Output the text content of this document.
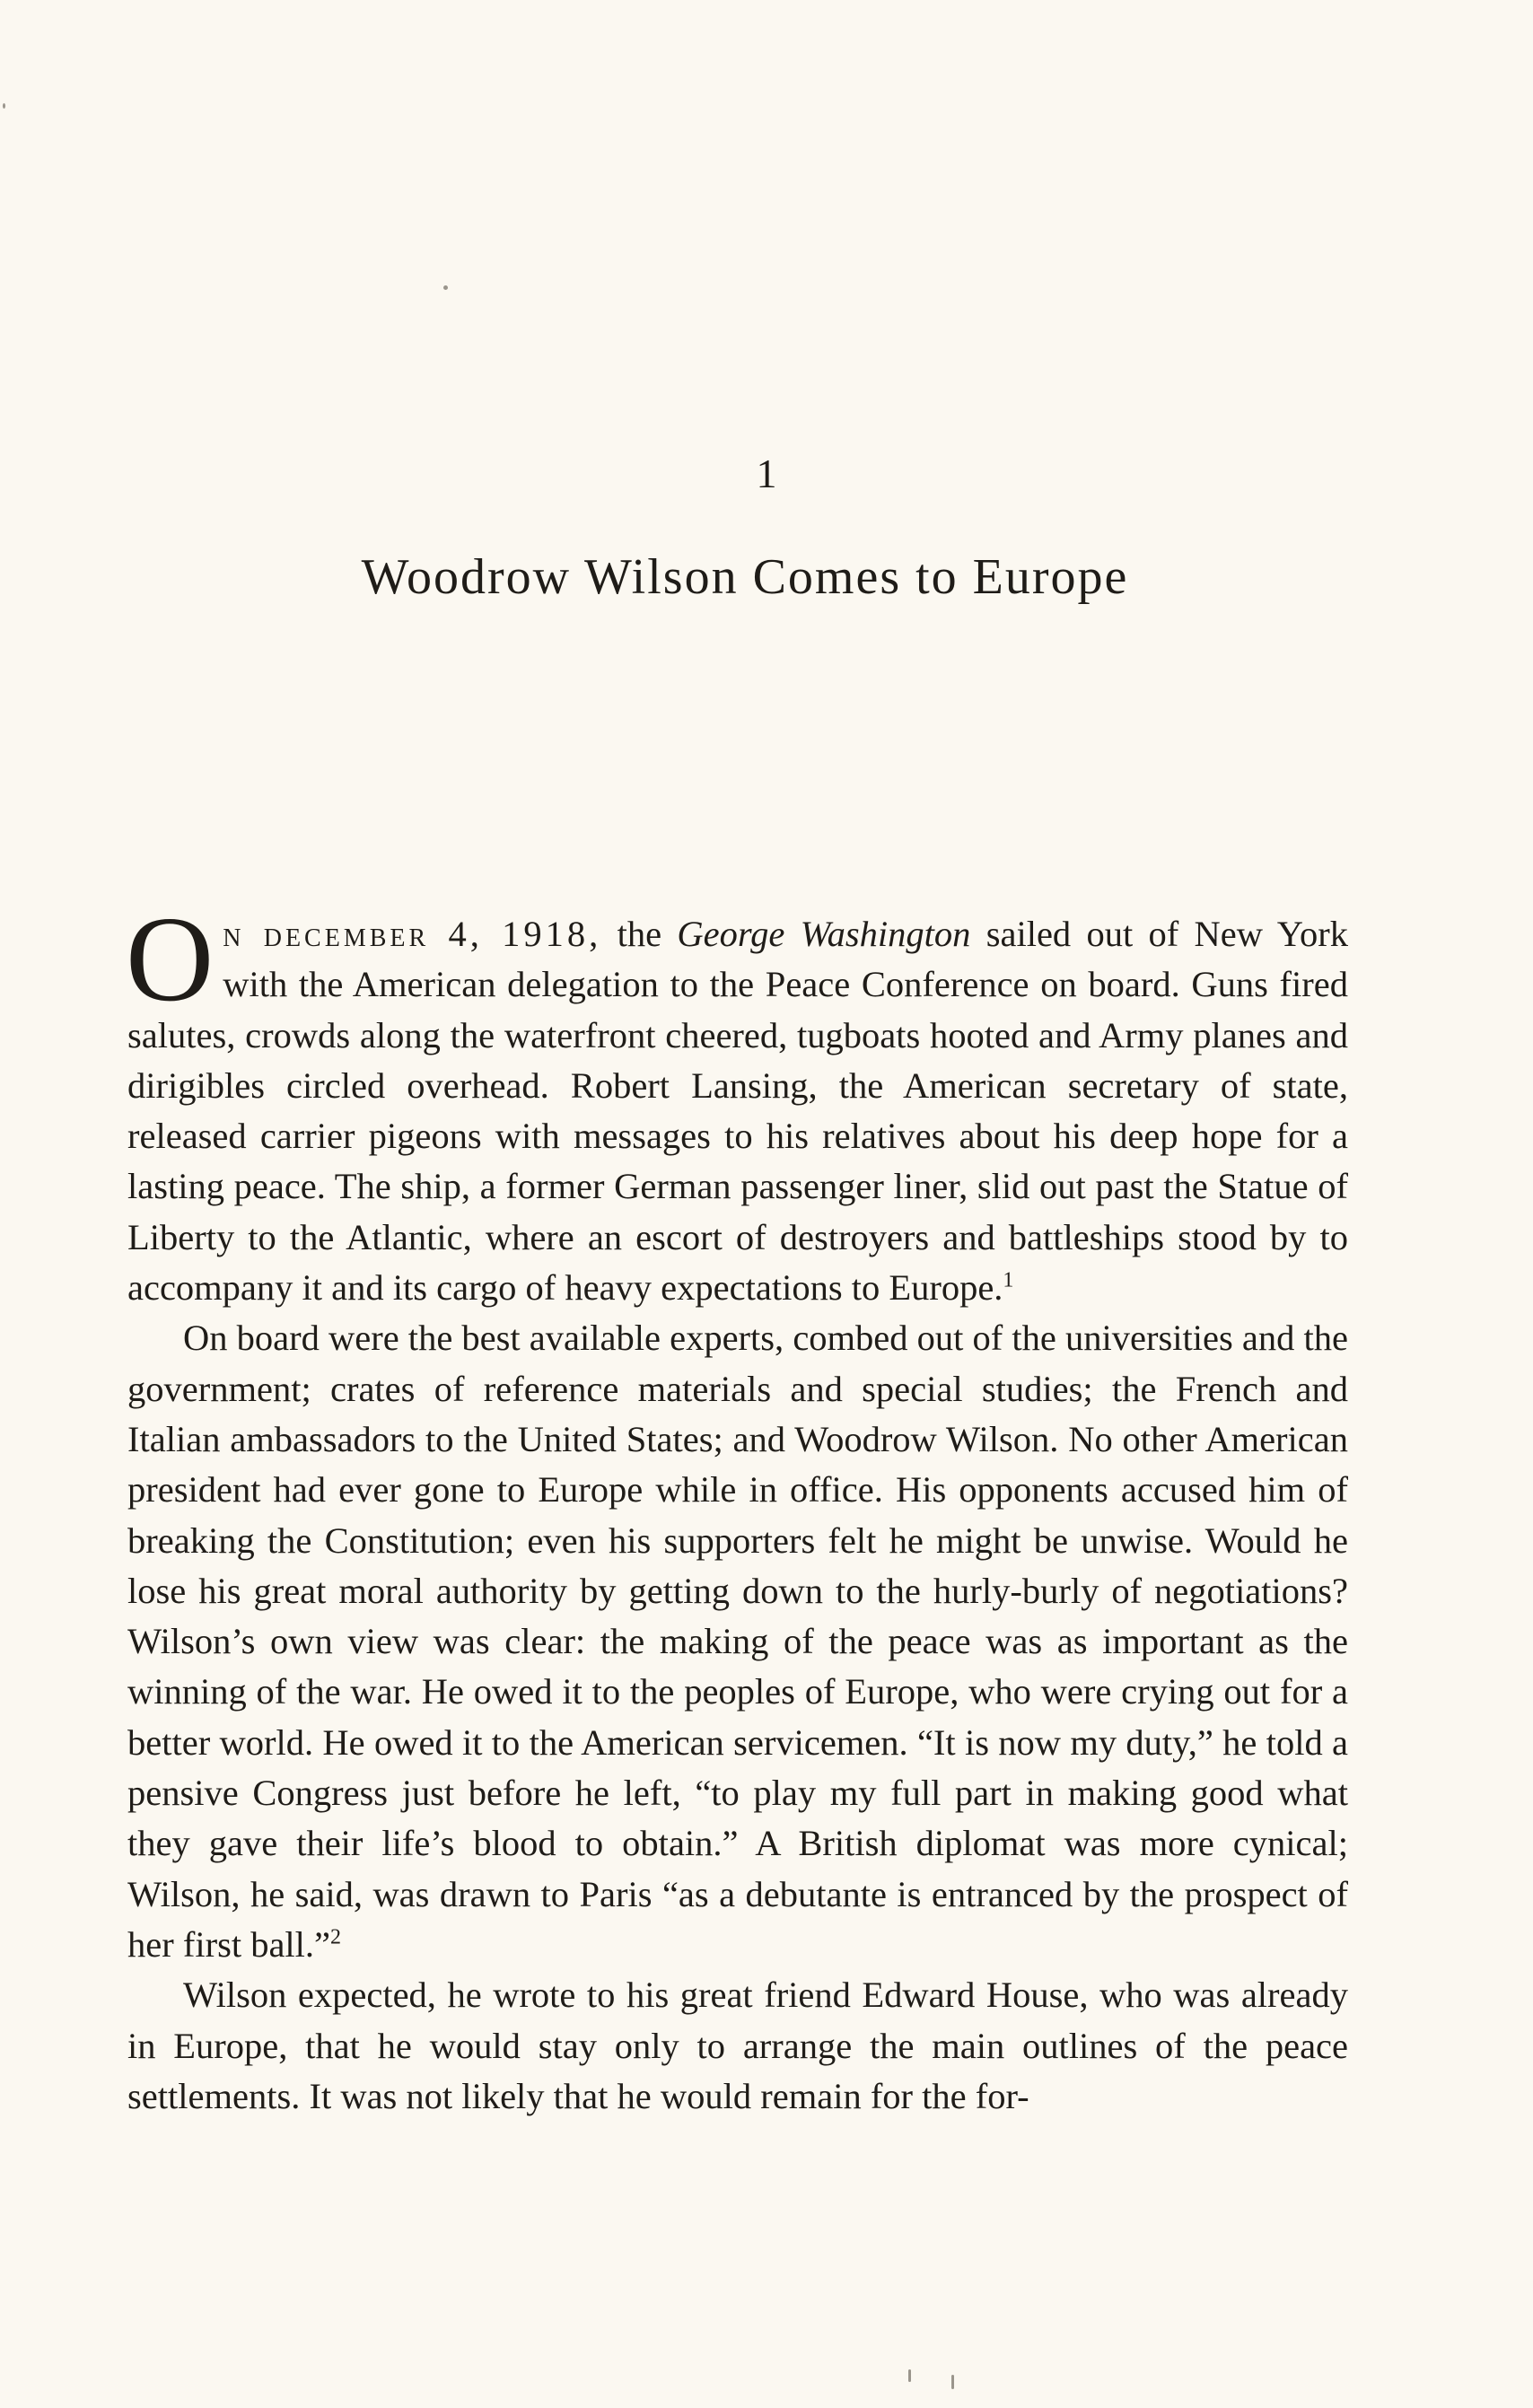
1
Woodrow Wilson Comes to Europe

On december 4, 1918, the George Washington sailed out of New York with the American delegation to the Peace Conference on board. Guns fired salutes, crowds along the waterfront cheered, tugboats hooted and Army planes and dirigibles circled overhead. Robert Lansing, the American secretary of state, released carrier pigeons with messages to his relatives about his deep hope for a lasting peace. The ship, a former German passenger liner, slid out past the Statue of Liberty to the Atlantic, where an escort of destroyers and battleships stood by to accompany it and its cargo of heavy expectations to Europe.$^1$

On board were the best available experts, combed out of the universities and the government; crates of reference materials and special studies; the French and Italian ambassadors to the United States; and Woodrow Wilson. No other American president had ever gone to Europe while in office. His opponents accused him of breaking the Constitution; even his supporters felt he might be unwise. Would he lose his great moral authority by getting down to the hurly-burly of negotiations? Wilson’s own view was clear: the making of the peace was as important as the winning of the war. He owed it to the peoples of Europe, who were crying out for a better world. He owed it to the American servicemen. “It is now my duty,” he told a pensive Congress just before he left, “to play my full part in making good what they gave their life’s blood to obtain.” A British diplomat was more cynical; Wilson, he said, was drawn to Paris “as a debutante is entranced by the prospect of her first ball.”$^2$

Wilson expected, he wrote to his great friend Edward House, who was already in Europe, that he would stay only to arrange the main outlines of the peace settlements. It was not likely that he would remain for the for-
